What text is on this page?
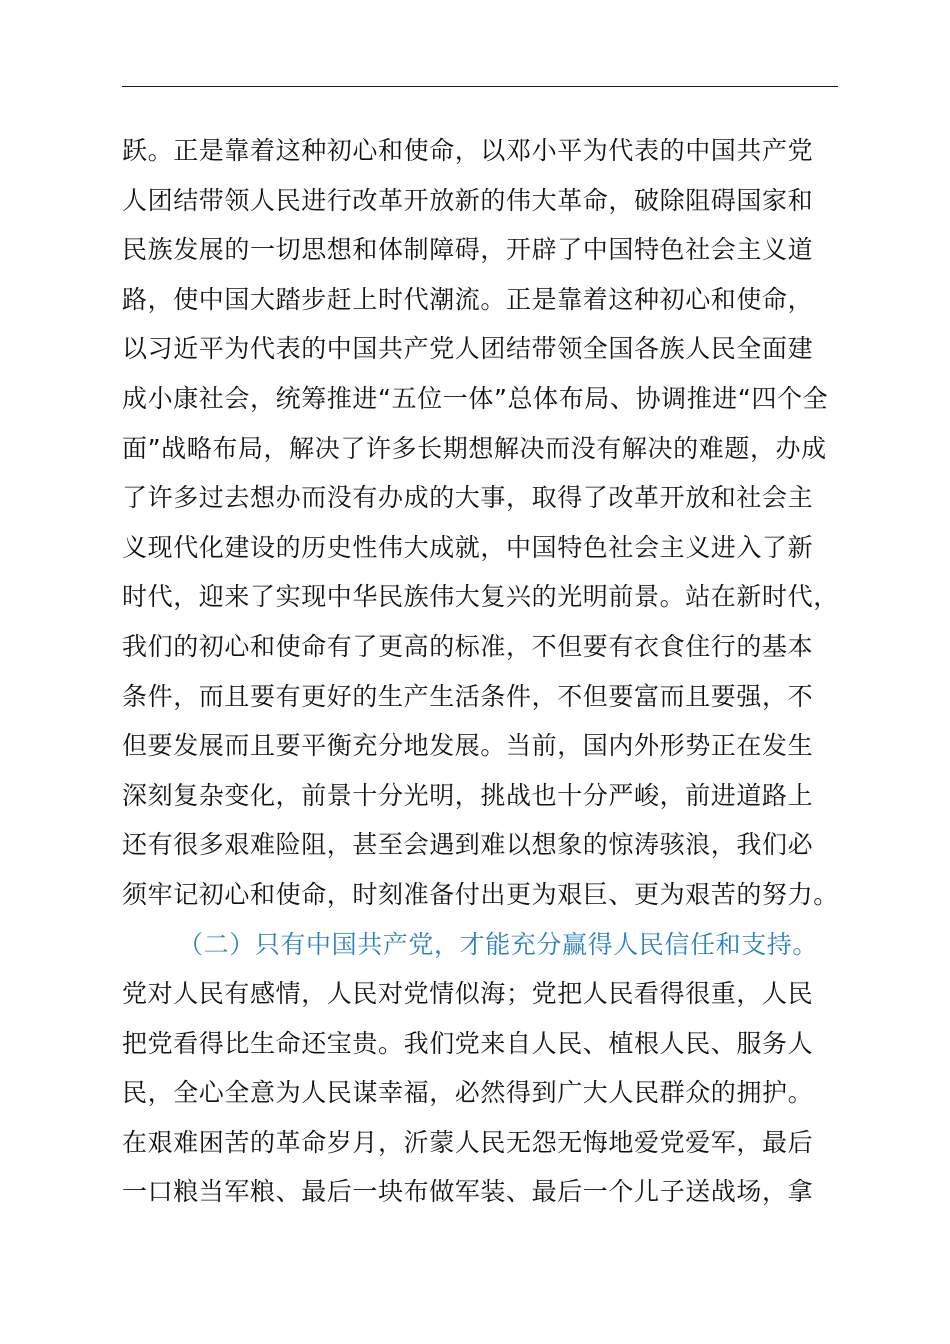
跃。正是靠着这种初心和使命，以邓小平为代表的中国共产党
人团结带领人民进行改革开放新的伟大革命，破除阻碍国家和
民族发展的一切思想和体制障碍，开辟了中国特色社会主义道
路，使中国大踏步赶上时代潮流。正是靠着这种初心和使命，
以习近平为代表的中国共产党人团结带领全国各族人民全面建
成小康社会，统筹推进“五位一体”总体布局、协调推进“四个全
面”战略布局，解决了许多长期想解决而没有解决的难题，办成
了许多过去想办而没有办成的大事，取得了改革开放和社会主
义现代化建设的历史性伟大成就，中国特色社会主义进入了新
时代，迎来了实现中华民族伟大复兴的光明前景。站在新时代，
我们的初心和使命有了更高的标准，不但要有衣食住行的基本
条件，而且要有更好的生产生活条件，不但要富而且要强，不
但要发展而且要平衡充分地发展。当前，国内外形势正在发生
深刻复杂变化，前景十分光明，挑战也十分严峻，前进道路上
还有很多艰难险阻，甚至会遇到难以想象的惊涛骇浪，我们必
须牢记初心和使命，时刻准备付出更为艰巨、更为艰苦的努力。
（二）只有中国共产党，才能充分赢得人民信任和支持。
党对人民有感情，人民对党情似海；党把人民看得很重，人民
把党看得比生命还宝贵。我们党来自人民、植根人民、服务人
民，全心全意为人民谋幸福，必然得到广大人民群众的拥护。
在艰难困苦的革命岁月，沂蒙人民无怨无悔地爱党爱军，最后
一口粮当军粮、最后一块布做军装、最后一个儿子送战场，拿
